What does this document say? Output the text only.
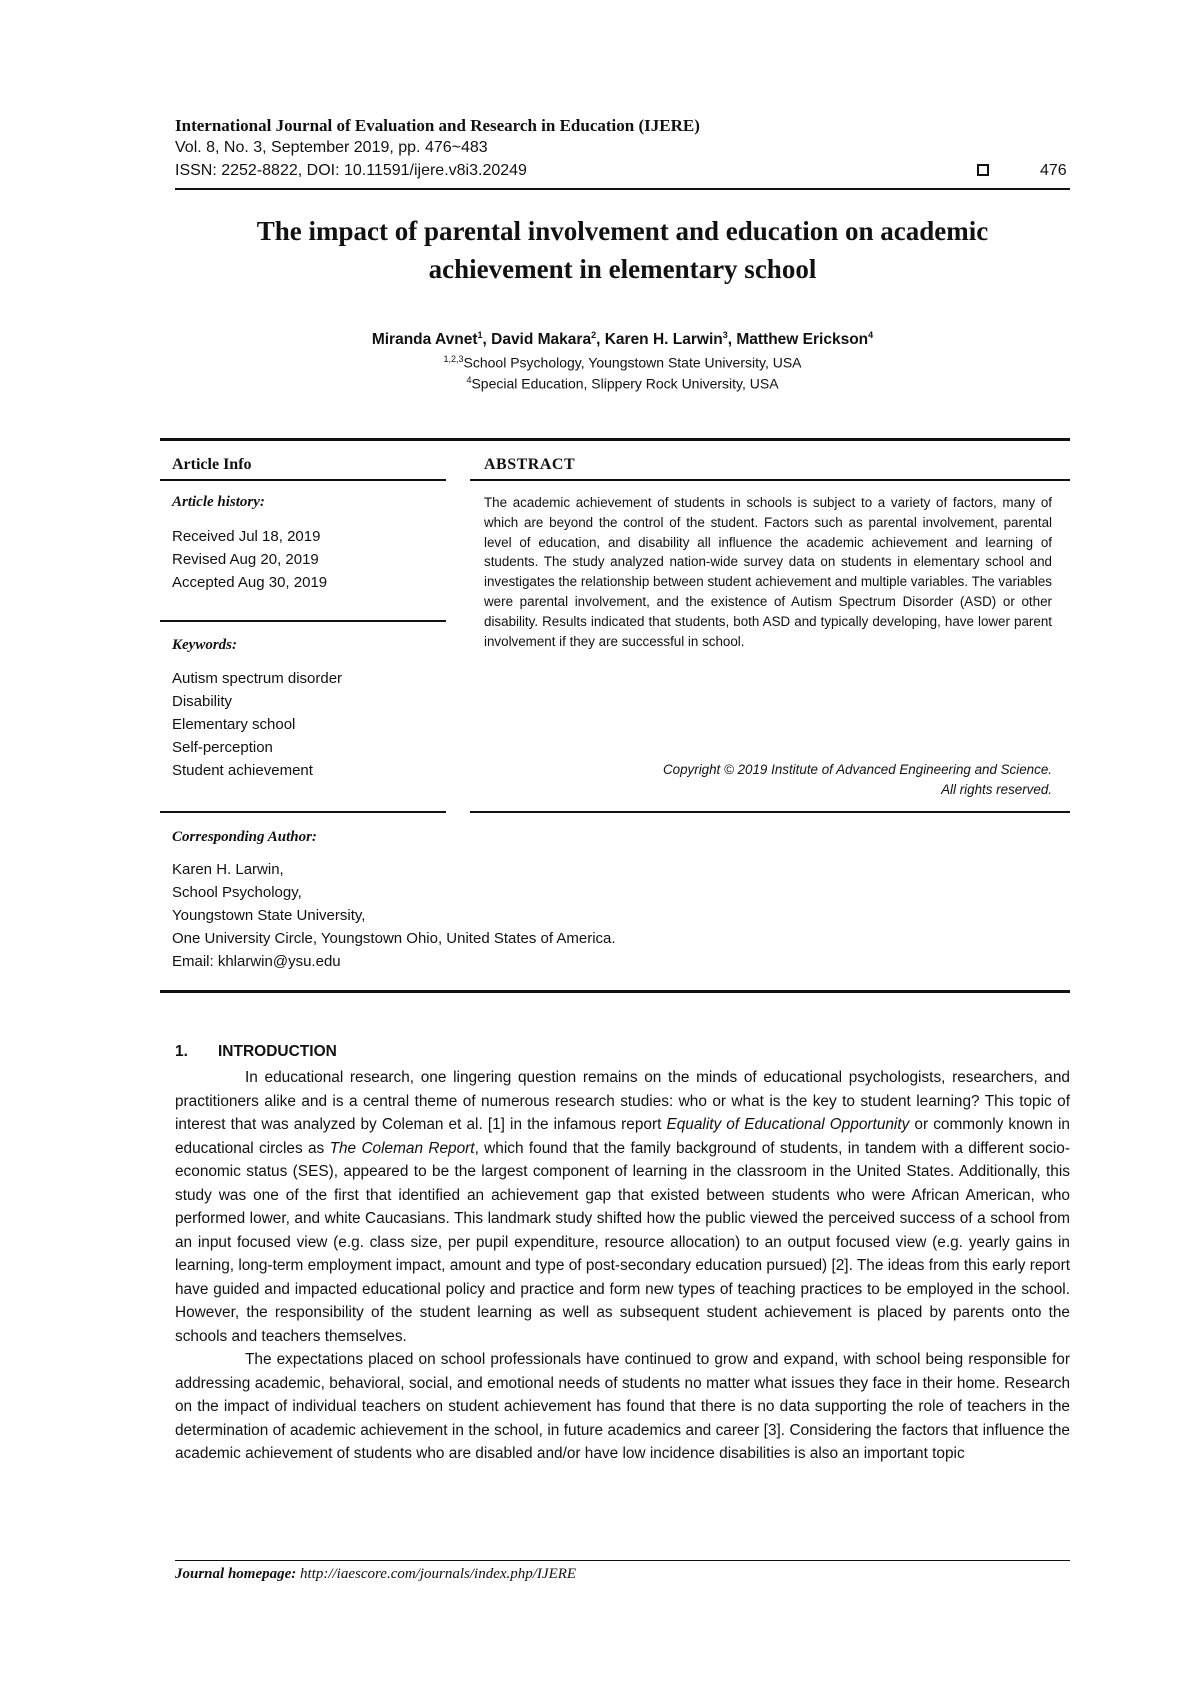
International Journal of Evaluation and Research in Education (IJERE)
Vol. 8, No. 3, September 2019, pp. 476~483
ISSN: 2252-8822, DOI: 10.11591/ijere.v8i3.20249	476
The impact of parental involvement and education on academic
achievement in elementary school
Miranda Avnet$^1$, David Makara$^2$, Karen H. Larwin$^3$, Matthew Erickson$^4$
$^{1,2,3}$School Psychology, Youngstown State University, USA
$^4$Special Education, Slippery Rock University, USA
Article Info
Article history:
Received Jul 18, 2019
Revised Aug 20, 2019
Accepted Aug 30, 2019
Keywords:
Autism spectrum disorder
Disability
Elementary school
Self-perception
Student achievement
ABSTRACT
The academic achievement of students in schools is subject to a variety of factors, many of which are beyond the control of the student. Factors such as parental involvement, parental level of education, and disability all influence the academic achievement and learning of students. The study analyzed nation-wide survey data on students in elementary school and investigates the relationship between student achievement and multiple variables. The variables were parental involvement, and the existence of Autism Spectrum Disorder (ASD) or other disability. Results indicated that students, both ASD and typically developing, have lower parent involvement if they are successful in school.
Copyright © 2019 Institute of Advanced Engineering and Science.
All rights reserved.
Corresponding Author:
Karen H. Larwin,
School Psychology,
Youngstown State University,
One University Circle, Youngstown Ohio, United States of America.
Email: khlarwin@ysu.edu
1. INTRODUCTION

In educational research, one lingering question remains on the minds of educational psychologists, researchers, and practitioners alike and is a central theme of numerous research studies: who or what is the key to student learning? This topic of interest that was analyzed by Coleman et al. [1] in the infamous report Equality of Educational Opportunity or commonly known in educational circles as The Coleman Report, which found that the family background of students, in tandem with a different socio-economic status (SES), appeared to be the largest component of learning in the classroom in the United States. Additionally, this study was one of the first that identified an achievement gap that existed between students who were African American, who performed lower, and white Caucasians. This landmark study shifted how the public viewed the perceived success of a school from an input focused view (e.g. class size, per pupil expenditure, resource allocation) to an output focused view (e.g. yearly gains in learning, long-term employment impact, amount and type of post-secondary education pursued) [2]. The ideas from this early report have guided and impacted educational policy and practice and form new types of teaching practices to be employed in the school. However, the responsibility of the student learning as well as subsequent student achievement is placed by parents onto the schools and teachers themselves.

The expectations placed on school professionals have continued to grow and expand, with school being responsible for addressing academic, behavioral, social, and emotional needs of students no matter what issues they face in their home. Research on the impact of individual teachers on student achievement has found that there is no data supporting the role of teachers in the determination of academic achievement in the school, in future academics and career [3]. Considering the factors that influence the academic achievement of students who are disabled and/or have low incidence disabilities is also an important topic

Journal homepage: http://iaescore.com/journals/index.php/IJERE
